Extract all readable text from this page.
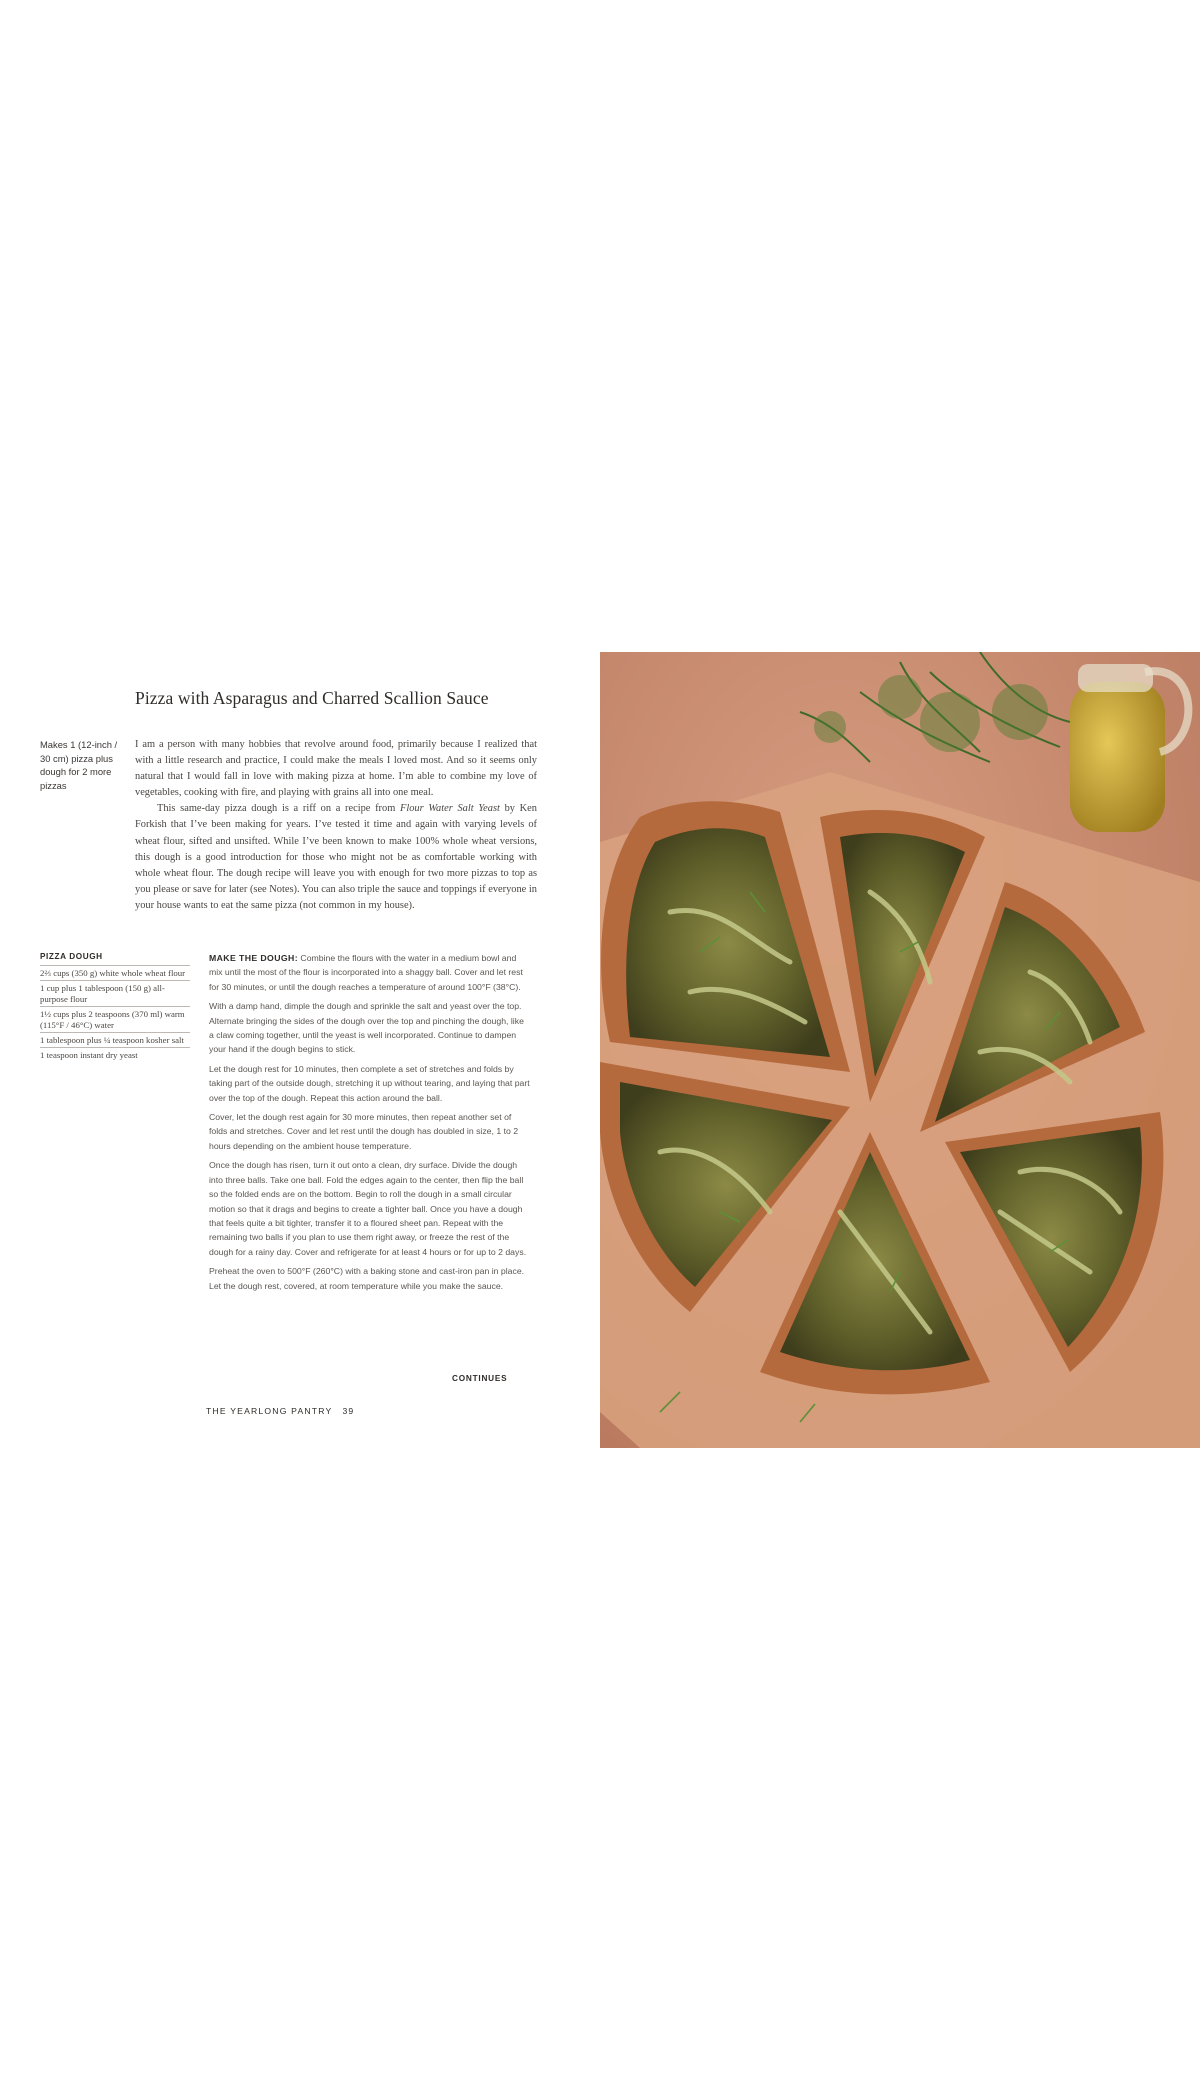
Pizza with Asparagus and Charred Scallion Sauce
Makes 1 (12-inch / 30 cm) pizza plus dough for 2 more pizzas

I am a person with many hobbies that revolve around food, primarily because I realized that with a little research and practice, I could make the meals I loved most. And so it seems only natural that I would fall in love with making pizza at home. I’m able to combine my love of vegetables, cooking with fire, and playing with grains all into one meal.

This same-day pizza dough is a riff on a recipe from Flour Water Salt Yeast by Ken Forkish that I’ve been making for years. I’ve tested it time and again with varying levels of wheat flour, sifted and unsifted. While I’ve been known to make 100% whole wheat versions, this dough is a good introduction for those who might not be as comfortable working with whole wheat flour. The dough recipe will leave you with enough for two more pizzas to top as you please or save for later (see Notes). You can also triple the sauce and toppings if everyone in your house wants to eat the same pizza (not common in my house).

PIZZA DOUGH
2⅔ cups (350 g) white whole wheat flour
1 cup plus 1 tablespoon (150 g) all-purpose flour
1½ cups plus 2 teaspoons (370 ml) warm (115°F / 46°C) water
1 tablespoon plus ¼ teaspoon kosher salt
1 teaspoon instant dry yeast

MAKE THE DOUGH: Combine the flours with the water in a medium bowl and mix until the most of the flour is incorporated into a shaggy ball. Cover and let rest for 30 minutes, or until the dough reaches a temperature of around 100°F (38°C).

With a damp hand, dimple the dough and sprinkle the salt and yeast over the top. Alternate bringing the sides of the dough over the top and pinching the dough, like a claw coming together, until the yeast is well incorporated. Continue to dampen your hand if the dough begins to stick.

Let the dough rest for 10 minutes, then complete a set of stretches and folds by taking part of the outside dough, stretching it up without tearing, and laying that part over the top of the dough. Repeat this action around the ball.

Cover, let the dough rest again for 30 more minutes, then repeat another set of folds and stretches. Cover and let rest until the dough has doubled in size, 1 to 2 hours depending on the ambient house temperature.

Once the dough has risen, turn it out onto a clean, dry surface. Divide the dough into three balls. Take one ball. Fold the edges again to the center, then flip the ball so the folded ends are on the bottom. Begin to roll the dough in a small circular motion so that it drags and begins to create a tighter ball. Once you have a dough that feels quite a bit tighter, transfer it to a floured sheet pan. Repeat with the remaining two balls if you plan to use them right away, or freeze the rest of the dough for a rainy day. Cover and refrigerate for at least 4 hours or for up to 2 days.

Preheat the oven to 500°F (260°C) with a baking stone and cast-iron pan in place. Let the dough rest, covered, at room temperature while you make the sauce.

CONTINUES
THE YEARLONG PANTRY 39
